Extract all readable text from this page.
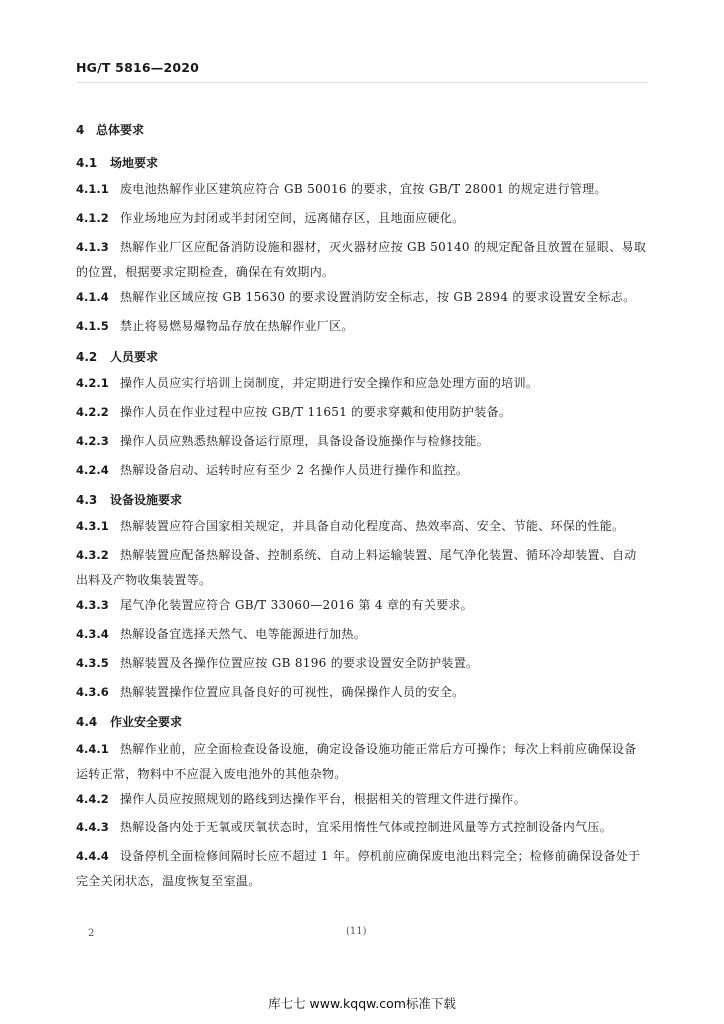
HG/T 5816—2020
4 总体要求
4.1 场地要求
4.1.1 废电池热解作业区建筑应符合 GB 50016 的要求，宜按 GB/T 28001 的规定进行管理。
4.1.2 作业场地应为封闭或半封闭空间，远离储存区，且地面应硬化。
4.1.3 热解作业厂区应配备消防设施和器材，灭火器材应按 GB 50140 的规定配备且放置在显眼、易取的位置，根据要求定期检查，确保在有效期内。
4.1.4 热解作业区域应按 GB 15630 的要求设置消防安全标志，按 GB 2894 的要求设置安全标志。
4.1.5 禁止将易燃易爆物品存放在热解作业厂区。
4.2 人员要求
4.2.1 操作人员应实行培训上岗制度，并定期进行安全操作和应急处理方面的培训。
4.2.2 操作人员在作业过程中应按 GB/T 11651 的要求穿戴和使用防护装备。
4.2.3 操作人员应熟悉热解设备运行原理，具备设备设施操作与检修技能。
4.2.4 热解设备启动、运转时应有至少 2 名操作人员进行操作和监控。
4.3 设备设施要求
4.3.1 热解装置应符合国家相关规定，并具备自动化程度高、热效率高、安全、节能、环保的性能。
4.3.2 热解装置应配备热解设备、控制系统、自动上料运输装置、尾气净化装置、循环冷却装置、自动出料及产物收集装置等。
4.3.3 尾气净化装置应符合 GB/T 33060—2016 第 4 章的有关要求。
4.3.4 热解设备宜选择天然气、电等能源进行加热。
4.3.5 热解装置及各操作位置应按 GB 8196 的要求设置安全防护装置。
4.3.6 热解装置操作位置应具备良好的可视性，确保操作人员的安全。
4.4 作业安全要求
4.4.1 热解作业前，应全面检查设备设施，确定设备设施功能正常后方可操作；每次上料前应确保设备运转正常，物料中不应混入废电池外的其他杂物。
4.4.2 操作人员应按照规划的路线到达操作平台，根据相关的管理文件进行操作。
4.4.3 热解设备内处于无氧或厌氧状态时，宜采用惰性气体或控制进风量等方式控制设备内气压。
4.4.4 设备停机全面检修间隔时长应不超过 1 年。停机前应确保废电池出料完全；检修前确保设备处于完全关闭状态，温度恢复至室温。
2	(11)
库七七 www.kqqw.com标准下载
